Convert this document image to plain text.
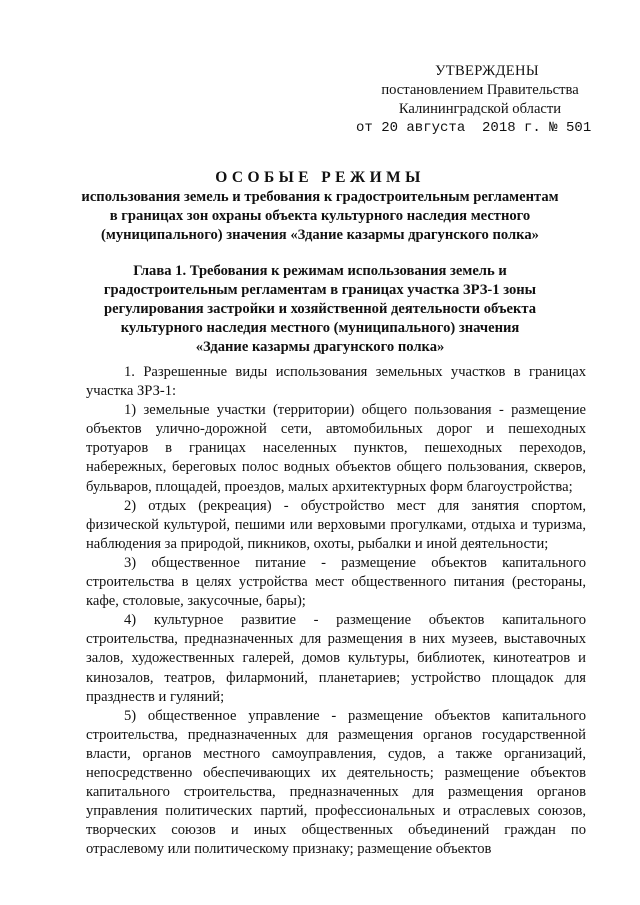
УТВЕРЖДЕНЫ
постановлением Правительства
Калининградской области
от 20 августа  2018 г. № 501
ОСОБЫЕ РЕЖИМЫ
использования земель и требования к градостроительным регламентам
в границах зон охраны объекта культурного наследия местного
(муниципального) значения «Здание казармы драгунского полка»
Глава 1. Требования к режимам использования земель и
градостроительным регламентам в границах участка ЗРЗ-1 зоны
регулирования застройки и хозяйственной деятельности объекта
культурного наследия местного (муниципального) значения
«Здание казармы драгунского полка»

1. Разрешенные виды использования земельных участков в границах участка ЗРЗ-1:

1) земельные участки (территории) общего пользования - размещение объектов улично-дорожной сети, автомобильных дорог и пешеходных тротуаров в границах населенных пунктов, пешеходных переходов, набережных, береговых полос водных объектов общего пользования, скверов, бульваров, площадей, проездов, малых архитектурных форм благоустройства;

2) отдых (рекреация) - обустройство мест для занятия спортом, физической культурой, пешими или верховыми прогулками, отдыха и туризма, наблюдения за природой, пикников, охоты, рыбалки и иной деятельности;

3) общественное питание - размещение объектов капитального строительства в целях устройства мест общественного питания (рестораны, кафе, столовые, закусочные, бары);

4) культурное развитие - размещение объектов капитального строительства, предназначенных для размещения в них музеев, выставочных залов, художественных галерей, домов культуры, библиотек, кинотеатров и кинозалов, театров, филармоний, планетариев; устройство площадок для празднеств и гуляний;

5) общественное управление - размещение объектов капитального строительства, предназначенных для размещения органов государственной власти, органов местного самоуправления, судов, а также организаций, непосредственно обеспечивающих их деятельность; размещение объектов капитального строительства, предназначенных для размещения органов управления политических партий, профессиональных и отраслевых союзов, творческих союзов и иных общественных объединений граждан по отраслевому или политическому признаку; размещение объектов
